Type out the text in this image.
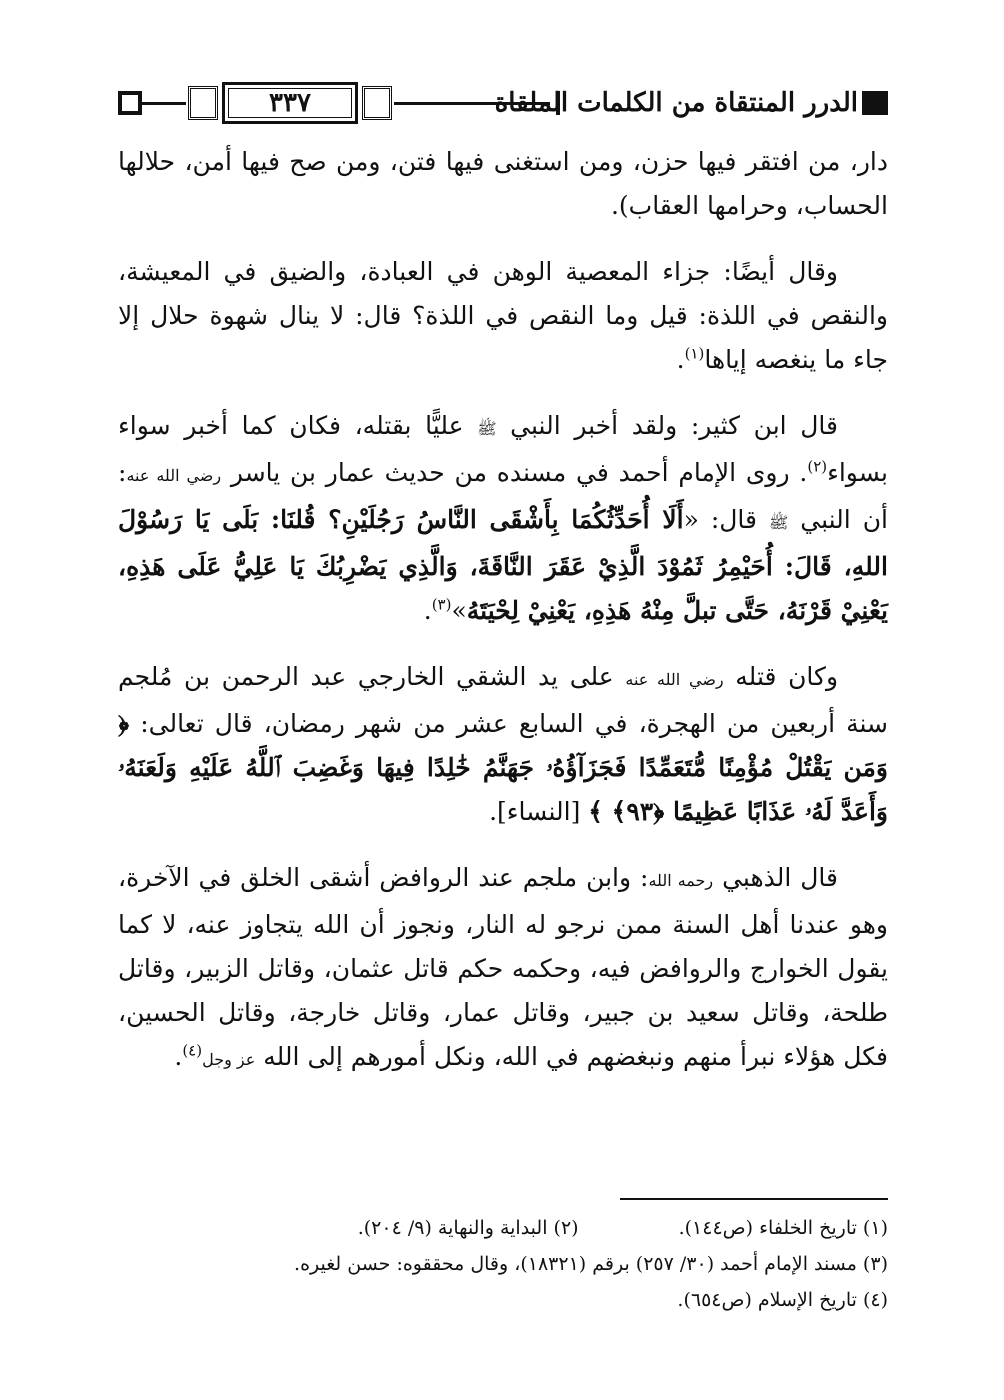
٣٣٧	الدرر المنتقاة من الكلمات الملقاة

دار، من افتقر فيها حزن، ومن استغنى فيها فتن، ومن صح فيها أمن، حلالها الحساب، وحرامها العقاب).

وقال أيضًا: جزاء المعصية الوهن في العبادة، والضيق في المعيشة، والنقص في اللذة: قيل وما النقص في اللذة؟ قال: لا ينال شهوة حلال إلا جاء ما ينغصه إياها$^{(١)}$.

قال ابن كثير: ولقد أخبر النبي ﷺ عليًّا بقتله، فكان كما أخبر سواء بسواء$^{(٢)}$. روى الإمام أحمد في مسنده من حديث عمار بن ياسر رضي الله عنه: أن النبي ﷺ قال: «أَلَا أُحَدِّثُكُمَا بِأَشْقَى النَّاسُ رَجُلَيْنِ؟ قُلنَا: بَلَى يَا رَسُوْلَ اللهِ، قَالَ: أُحَيْمِرُ ثَمُوْدَ الَّذِيْ عَقَرَ النَّاقَةَ، وَالَّذِي يَضْرِبُكَ يَا عَلِيُّ عَلَى هَذِهِ، يَعْنِيْ قَرْنَهُ، حَتَّى تبلَّ مِنْهُ هَذِهِ، يَعْنِيْ لِحْيَتَهُ»$^{(٣)}$.

وكان قتله رضي الله عنه على يد الشقي الخارجي عبد الرحمن بن مُلجم سنة أربعين من الهجرة، في السابع عشر من شهر رمضان، قال تعالى: ﴿ وَمَن يَقْتُلْ مُؤْمِنًا مُّتَعَمِّدًا فَجَزَآؤُهُۥ جَهَنَّمُ خَٰلِدًا فِيهَا وَغَضِبَ ٱللَّهُ عَلَيْهِ وَلَعَنَهُۥ وَأَعَدَّ لَهُۥ عَذَابًا عَظِيمًا ﴿٩٣﴾ ﴾ [النساء].

قال الذهبي رحمه الله: وابن ملجم عند الروافض أشقى الخلق في الآخرة، وهو عندنا أهل السنة ممن نرجو له النار، ونجوز أن الله يتجاوز عنه، لا كما يقول الخوارج والروافض فيه، وحكمه حكم قاتل عثمان، وقاتل الزبير، وقاتل طلحة، وقاتل سعيد بن جبير، وقاتل عمار، وقاتل خارجة، وقاتل الحسين، فكل هؤلاء نبرأ منهم ونبغضهم في الله، ونكل أمورهم إلى الله عز وجل$^{(٤)}$.

(١) تاريخ الخلفاء (ص١٤٤).
(٢) البداية والنهاية (٩/ ٢٠٤).
(٣) مسند الإمام أحمد (٣٠/ ٢٥٧) برقم (١٨٣٢١)، وقال محققوه: حسن لغيره.
(٤) تاريخ الإسلام (ص٦٥٤).
